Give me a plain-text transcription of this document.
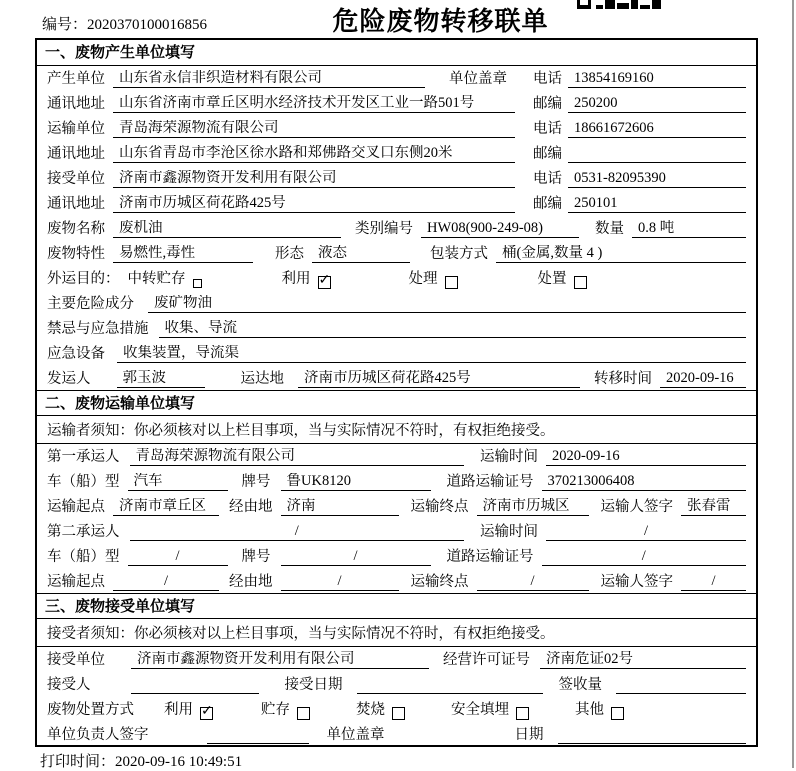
编号：2020370100016856	危险废物转移联单
一、废物产生单位填写
产生单位 山东省永信非织造材料有限公司	单位盖章 电话 13854169160
通讯地址 山东省济南市章丘区明水经济技术开发区工业一路501号	邮编 250200
运输单位 青岛海荣源物流有限公司	电话 18661672606
通讯地址 山东省青岛市李沧区徐水路和郑佛路交叉口东侧20米	邮编
接受单位 济南市鑫源物资开发利用有限公司	电话 0531-82095390
通讯地址 济南市历城区荷花路425号	邮编 250101
废物名称 废机油	类别编号 HW08(900-249-08)	数量 0.8 吨
废物特性 易燃性,毒性	形态 液态	包装方式 桶(金属,数量 4 )
外运目的： 中转贮存	利用 ✓	处理	处置
主要危险成分	废矿物油
禁忌与应急措施	收集、导流
应急设备	收集装置，导流渠
发运人	郭玉波	运达地	济南市历城区荷花路425号	转移时间 2020-09-16
二、废物运输单位填写
运输者须知：你必须核对以上栏目事项，当与实际情况不符时，有权拒绝接受。
第一承运人	青岛海荣源物流有限公司	运输时间 2020-09-16
车（船）型 汽车	牌号	鲁UK8120	道路运输证号 370213006408
运输起点 济南市章丘区	经由地 济南	运输终点 济南市历城区	运输人签字 张春雷
第二承运人	/	运输时间	/
车（船）型	/	牌号	/	道路运输证号	/
运输起点	/	经由地	/	运输终点	/	运输人签字	/
三、废物接受单位填写
接受者须知：你必须核对以上栏目事项，当与实际情况不符时，有权拒绝接受。
接受单位	济南市鑫源物资开发利用有限公司	经营许可证号	济南危证02号
接受人	接受日期	签收量
废物处置方式 利用 ✓	贮存	焚烧	安全填埋	其他
单位负责人签字	单位盖章	日期
打印时间：2020-09-16 10:49:51
